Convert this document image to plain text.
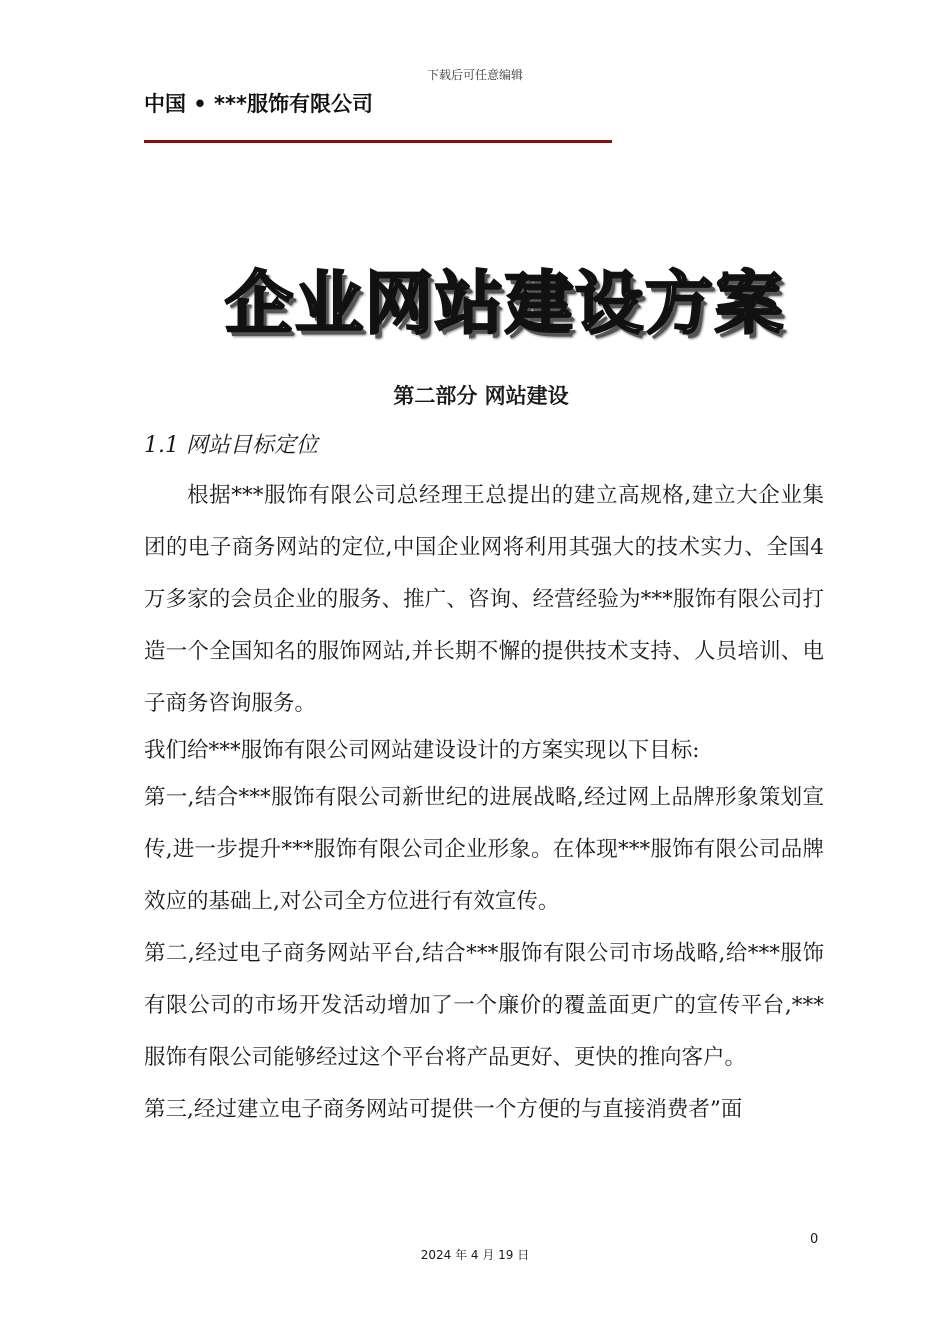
下载后可任意编辑
中国 • ***服饰有限公司
企业网站建设方案
第二部分 网站建设
1.1 网站目标定位

根据***服饰有限公司总经理王总提出的建立高规格,建立大企业集团的电子商务网站的定位,中国企业网将利用其强大的技术实力、全国4万多家的会员企业的服务、推广、咨询、经营经验为***服饰有限公司打造一个全国知名的服饰网站,并长期不懈的提供技术支持、人员培训、电子商务咨询服务。

我们给***服饰有限公司网站建设设计的方案实现以下目标:

第一,结合***服饰有限公司新世纪的进展战略,经过网上品牌形象策划宣传,进一步提升***服饰有限公司企业形象。在体现***服饰有限公司品牌效应的基础上,对公司全方位进行有效宣传。

第二,经过电子商务网站平台,结合***服饰有限公司市场战略,给***服饰有限公司的市场开发活动增加了一个廉价的覆盖面更广的宣传平台,***服饰有限公司能够经过这个平台将产品更好、更快的推向客户。

第三,经过建立电子商务网站可提供一个方便的与直接消费者”面

0
2024 年 4 月 19 日
